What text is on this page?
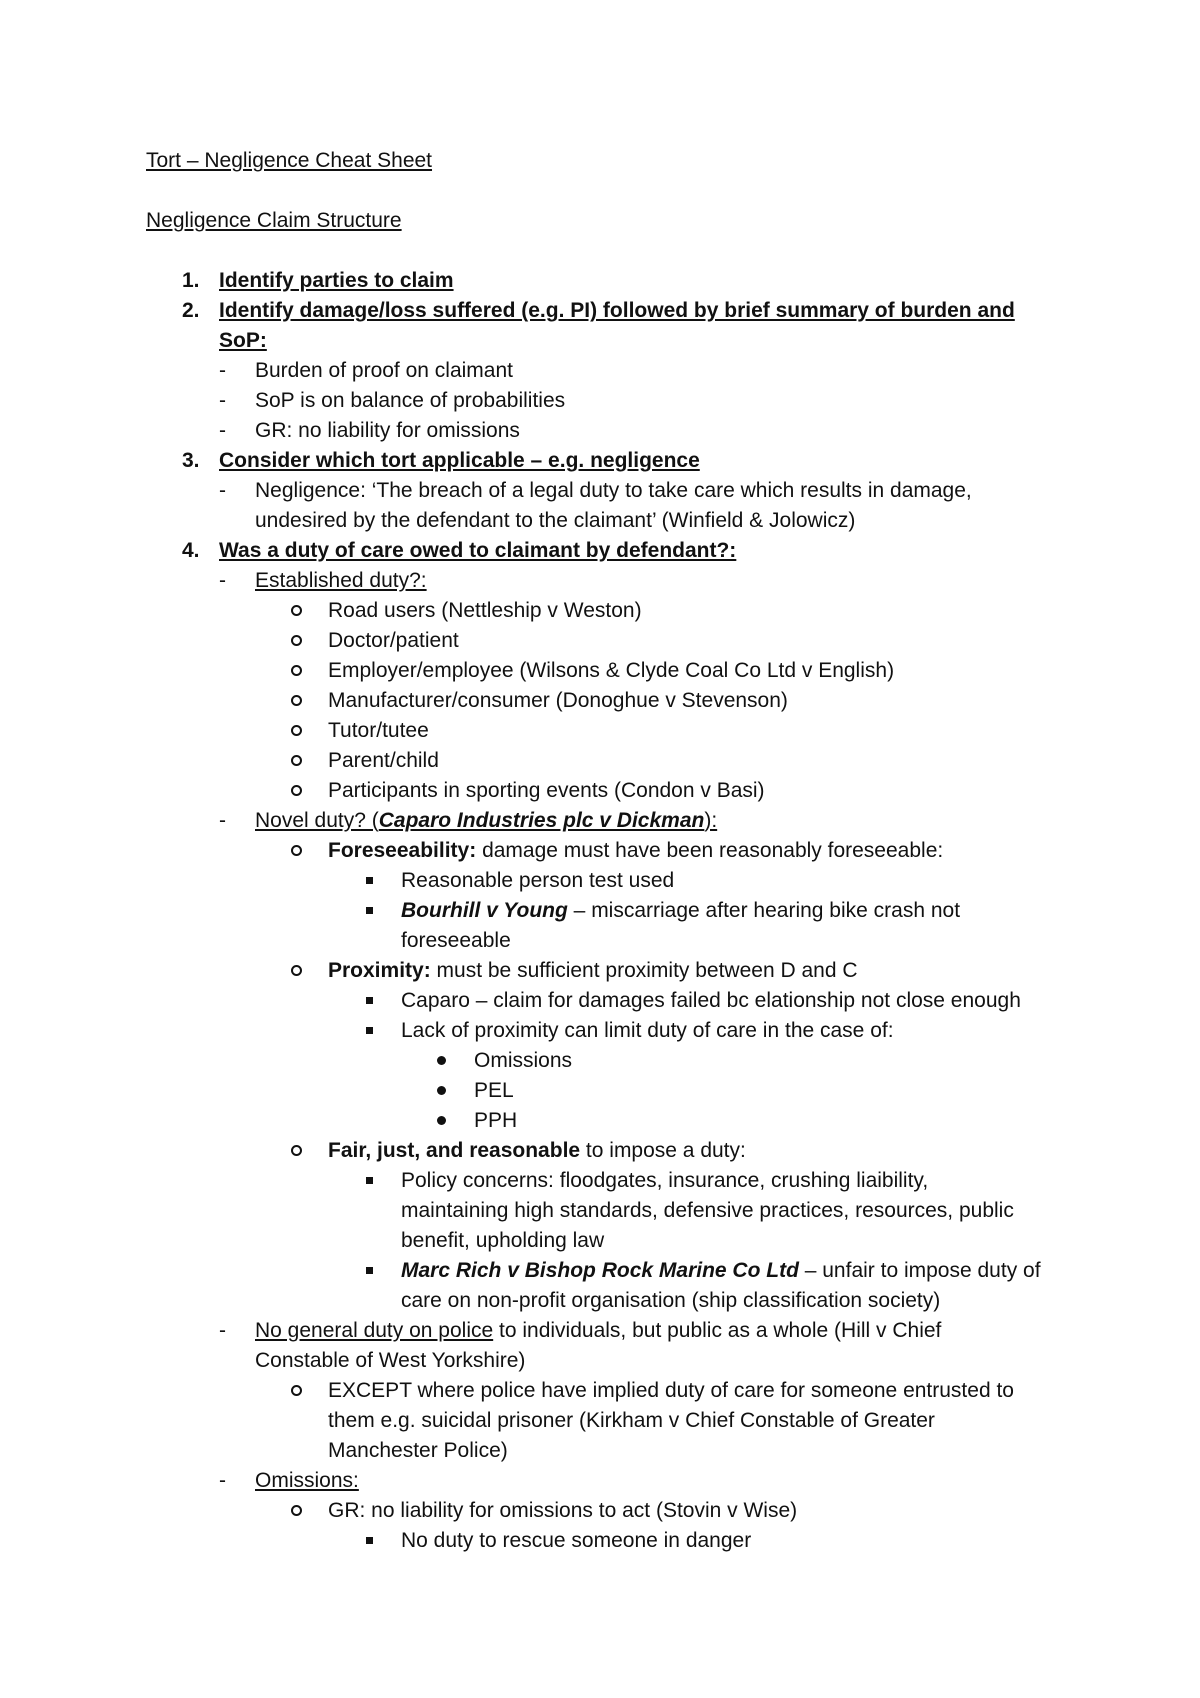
Tort – Negligence Cheat Sheet
Negligence Claim Structure
1. Identify parties to claim
2. Identify damage/loss suffered (e.g. PI) followed by brief summary of burden and
SoP:
- Burden of proof on claimant
- SoP is on balance of probabilities
- GR: no liability for omissions
3. Consider which tort applicable – e.g. negligence
- Negligence: ‘The breach of a legal duty to take care which results in damage,
undesired by the defendant to the claimant’ (Winfield & Jolowicz)
4. Was a duty of care owed to claimant by defendant?:
- Established duty?:
Road users (Nettleship v Weston)
Doctor/patient
Employer/employee (Wilsons & Clyde Coal Co Ltd v English)
Manufacturer/consumer (Donoghue v Stevenson)
Tutor/tutee
Parent/child
Participants in sporting events (Condon v Basi)
- Novel duty? (Caparo Industries plc v Dickman):
Foreseeability: damage must have been reasonably foreseeable:
Reasonable person test used
Bourhill v Young – miscarriage after hearing bike crash not
foreseeable
Proximity: must be sufficient proximity between D and C
Caparo – claim for damages failed bc elationship not close enough
Lack of proximity can limit duty of care in the case of:
Omissions
PEL
PPH
Fair, just, and reasonable to impose a duty:
Policy concerns: floodgates, insurance, crushing liaibility,
maintaining high standards, defensive practices, resources, public
benefit, upholding law
Marc Rich v Bishop Rock Marine Co Ltd – unfair to impose duty of
care on non-profit organisation (ship classification society)
- No general duty on police to individuals, but public as a whole (Hill v Chief
Constable of West Yorkshire)
EXCEPT where police have implied duty of care for someone entrusted to
them e.g. suicidal prisoner (Kirkham v Chief Constable of Greater
Manchester Police)
- Omissions:
GR: no liability for omissions to act (Stovin v Wise)
No duty to rescue someone in danger
